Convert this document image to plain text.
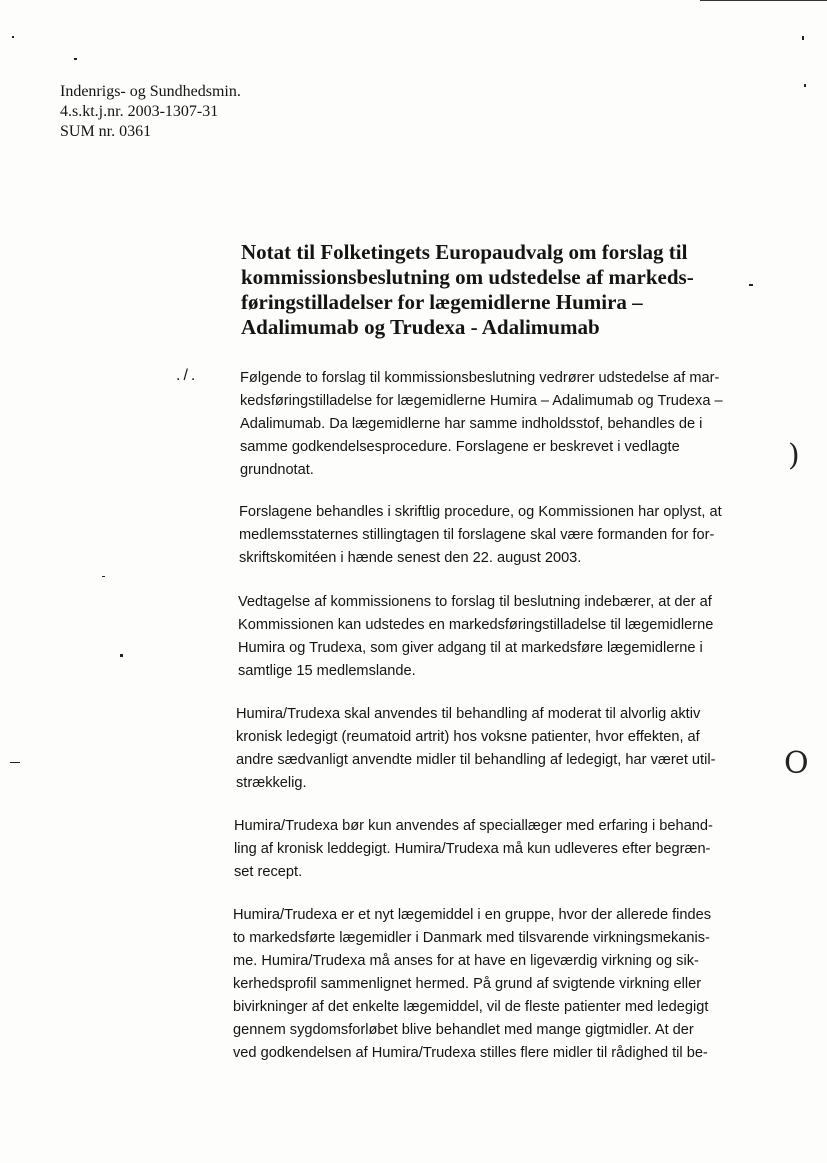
Indenrigs- og Sundhedsmin.
4.s.kt.j.nr. 2003-1307-31
SUM nr. 0361
Notat til Folketingets Europaudvalg om forslag til
kommissionsbeslutning om udstedelse af markeds-
føringstilladelser for lægemidlerne Humira –
Adalimumab og Trudexa - Adalimumab
./.	Følgende to forslag til kommissionsbeslutning vedrører udstedelse af mar-
kedsføringstilladelse for lægemidlerne Humira – Adalimumab og Trudexa –
Adalimumab. Da lægemidlerne har samme indholdsstof, behandles de i
samme godkendelsesprocedure. Forslagene er beskrevet i vedlagte
grundnotat.
Forslagene behandles i skriftlig procedure, og Kommissionen har oplyst, at
medlemsstaternes stillingtagen til forslagene skal være formanden for for-
skriftskomitéen i hænde senest den 22. august 2003.
Vedtagelse af kommissionens to forslag til beslutning indebærer, at der af
Kommissionen kan udstedes en markedsføringstilladelse til lægemidlerne
Humira og Trudexa, som giver adgang til at markedsføre lægemidlerne i
samtlige 15 medlemslande.
Humira/Trudexa skal anvendes til behandling af moderat til alvorlig aktiv
kronisk ledegigt (reumatoid artrit) hos voksne patienter, hvor effekten, af
andre sædvanligt anvendte midler til behandling af ledegigt, har været util-
strækkelig.
Humira/Trudexa bør kun anvendes af speciallæger med erfaring i behand-
ling af kronisk leddegigt. Humira/Trudexa må kun udleveres efter begræn-
set recept.
Humira/Trudexa er et nyt lægemiddel i en gruppe, hvor der allerede findes
to markedsførte lægemidler i Danmark med tilsvarende virkningsmekanis-
me. Humira/Trudexa må anses for at have en ligeværdig virkning og sik-
kerhedsprofil sammenlignet hermed. På grund af svigtende virkning eller
bivirkninger af det enkelte lægemiddel, vil de fleste patienter med ledegigt
gennem sygdomsforløbet blive behandlet med mange gigtmidler. At der
ved godkendelsen af Humira/Trudexa stilles flere midler til rådighed til be-
)
O
